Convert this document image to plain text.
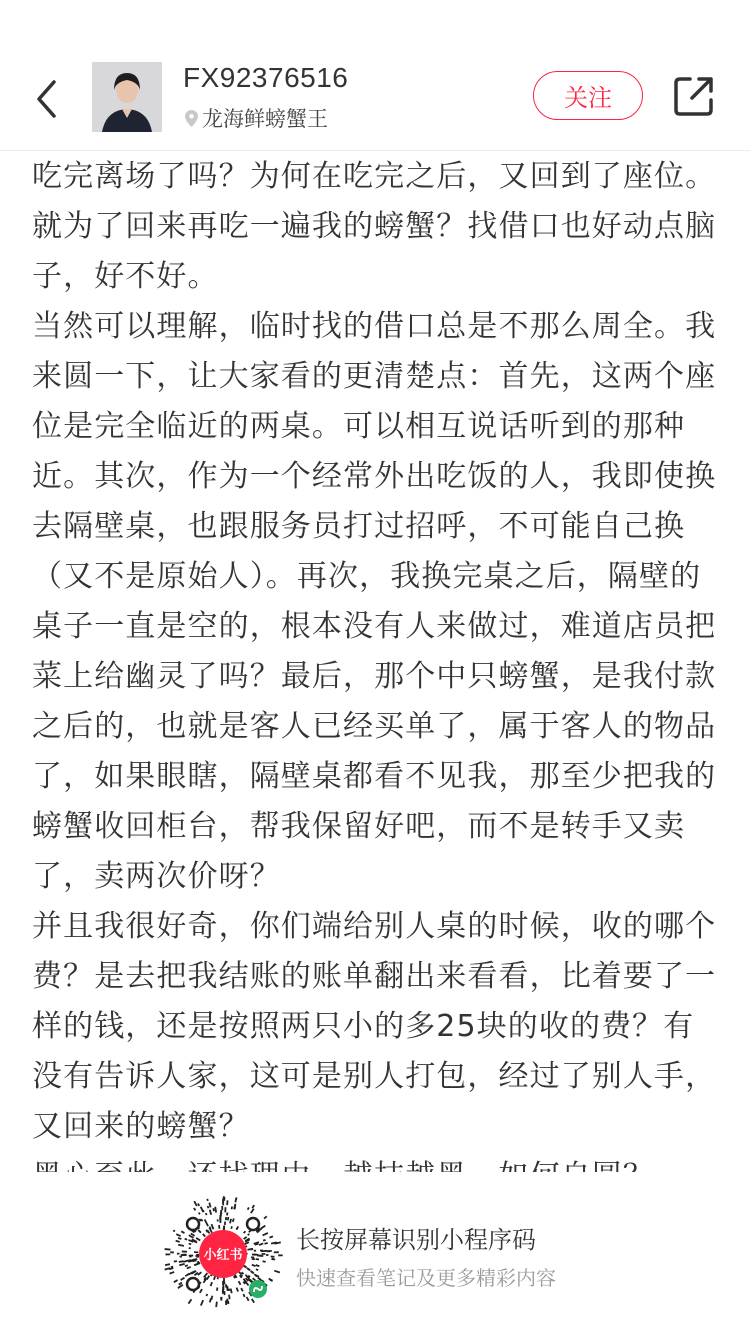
FX92376516
龙海鲜螃蟹王
关注
吃完离场了吗？为何在吃完之后，又回到了座位。
就为了回来再吃一遍我的螃蟹？找借口也好动点脑
子，好不好。
当然可以理解，临时找的借口总是不那么周全。我
来圆一下，让大家看的更清楚点：首先，这两个座
位是完全临近的两桌。可以相互说话听到的那种
近。其次，作为一个经常外出吃饭的人，我即使换
去隔壁桌，也跟服务员打过招呼，不可能自己换
（又不是原始人）。再次，我换完桌之后，隔壁的
桌子一直是空的，根本没有人来做过，难道店员把
菜上给幽灵了吗？最后，那个中只螃蟹，是我付款
之后的，也就是客人已经买单了，属于客人的物品
了，如果眼瞎，隔壁桌都看不见我，那至少把我的
螃蟹收回柜台，帮我保留好吧，而不是转手又卖
了，卖两次价呀？
并且我很好奇，你们端给别人桌的时候，收的哪个
费？是去把我结账的账单翻出来看看，比着要了一
样的钱，还是按照两只小的多25块的收的费？有
没有告诉人家，这可是别人打包，经过了别人手，
又回来的螃蟹？
小红书
长按屏幕识别小程序码
快速查看笔记及更多精彩内容
